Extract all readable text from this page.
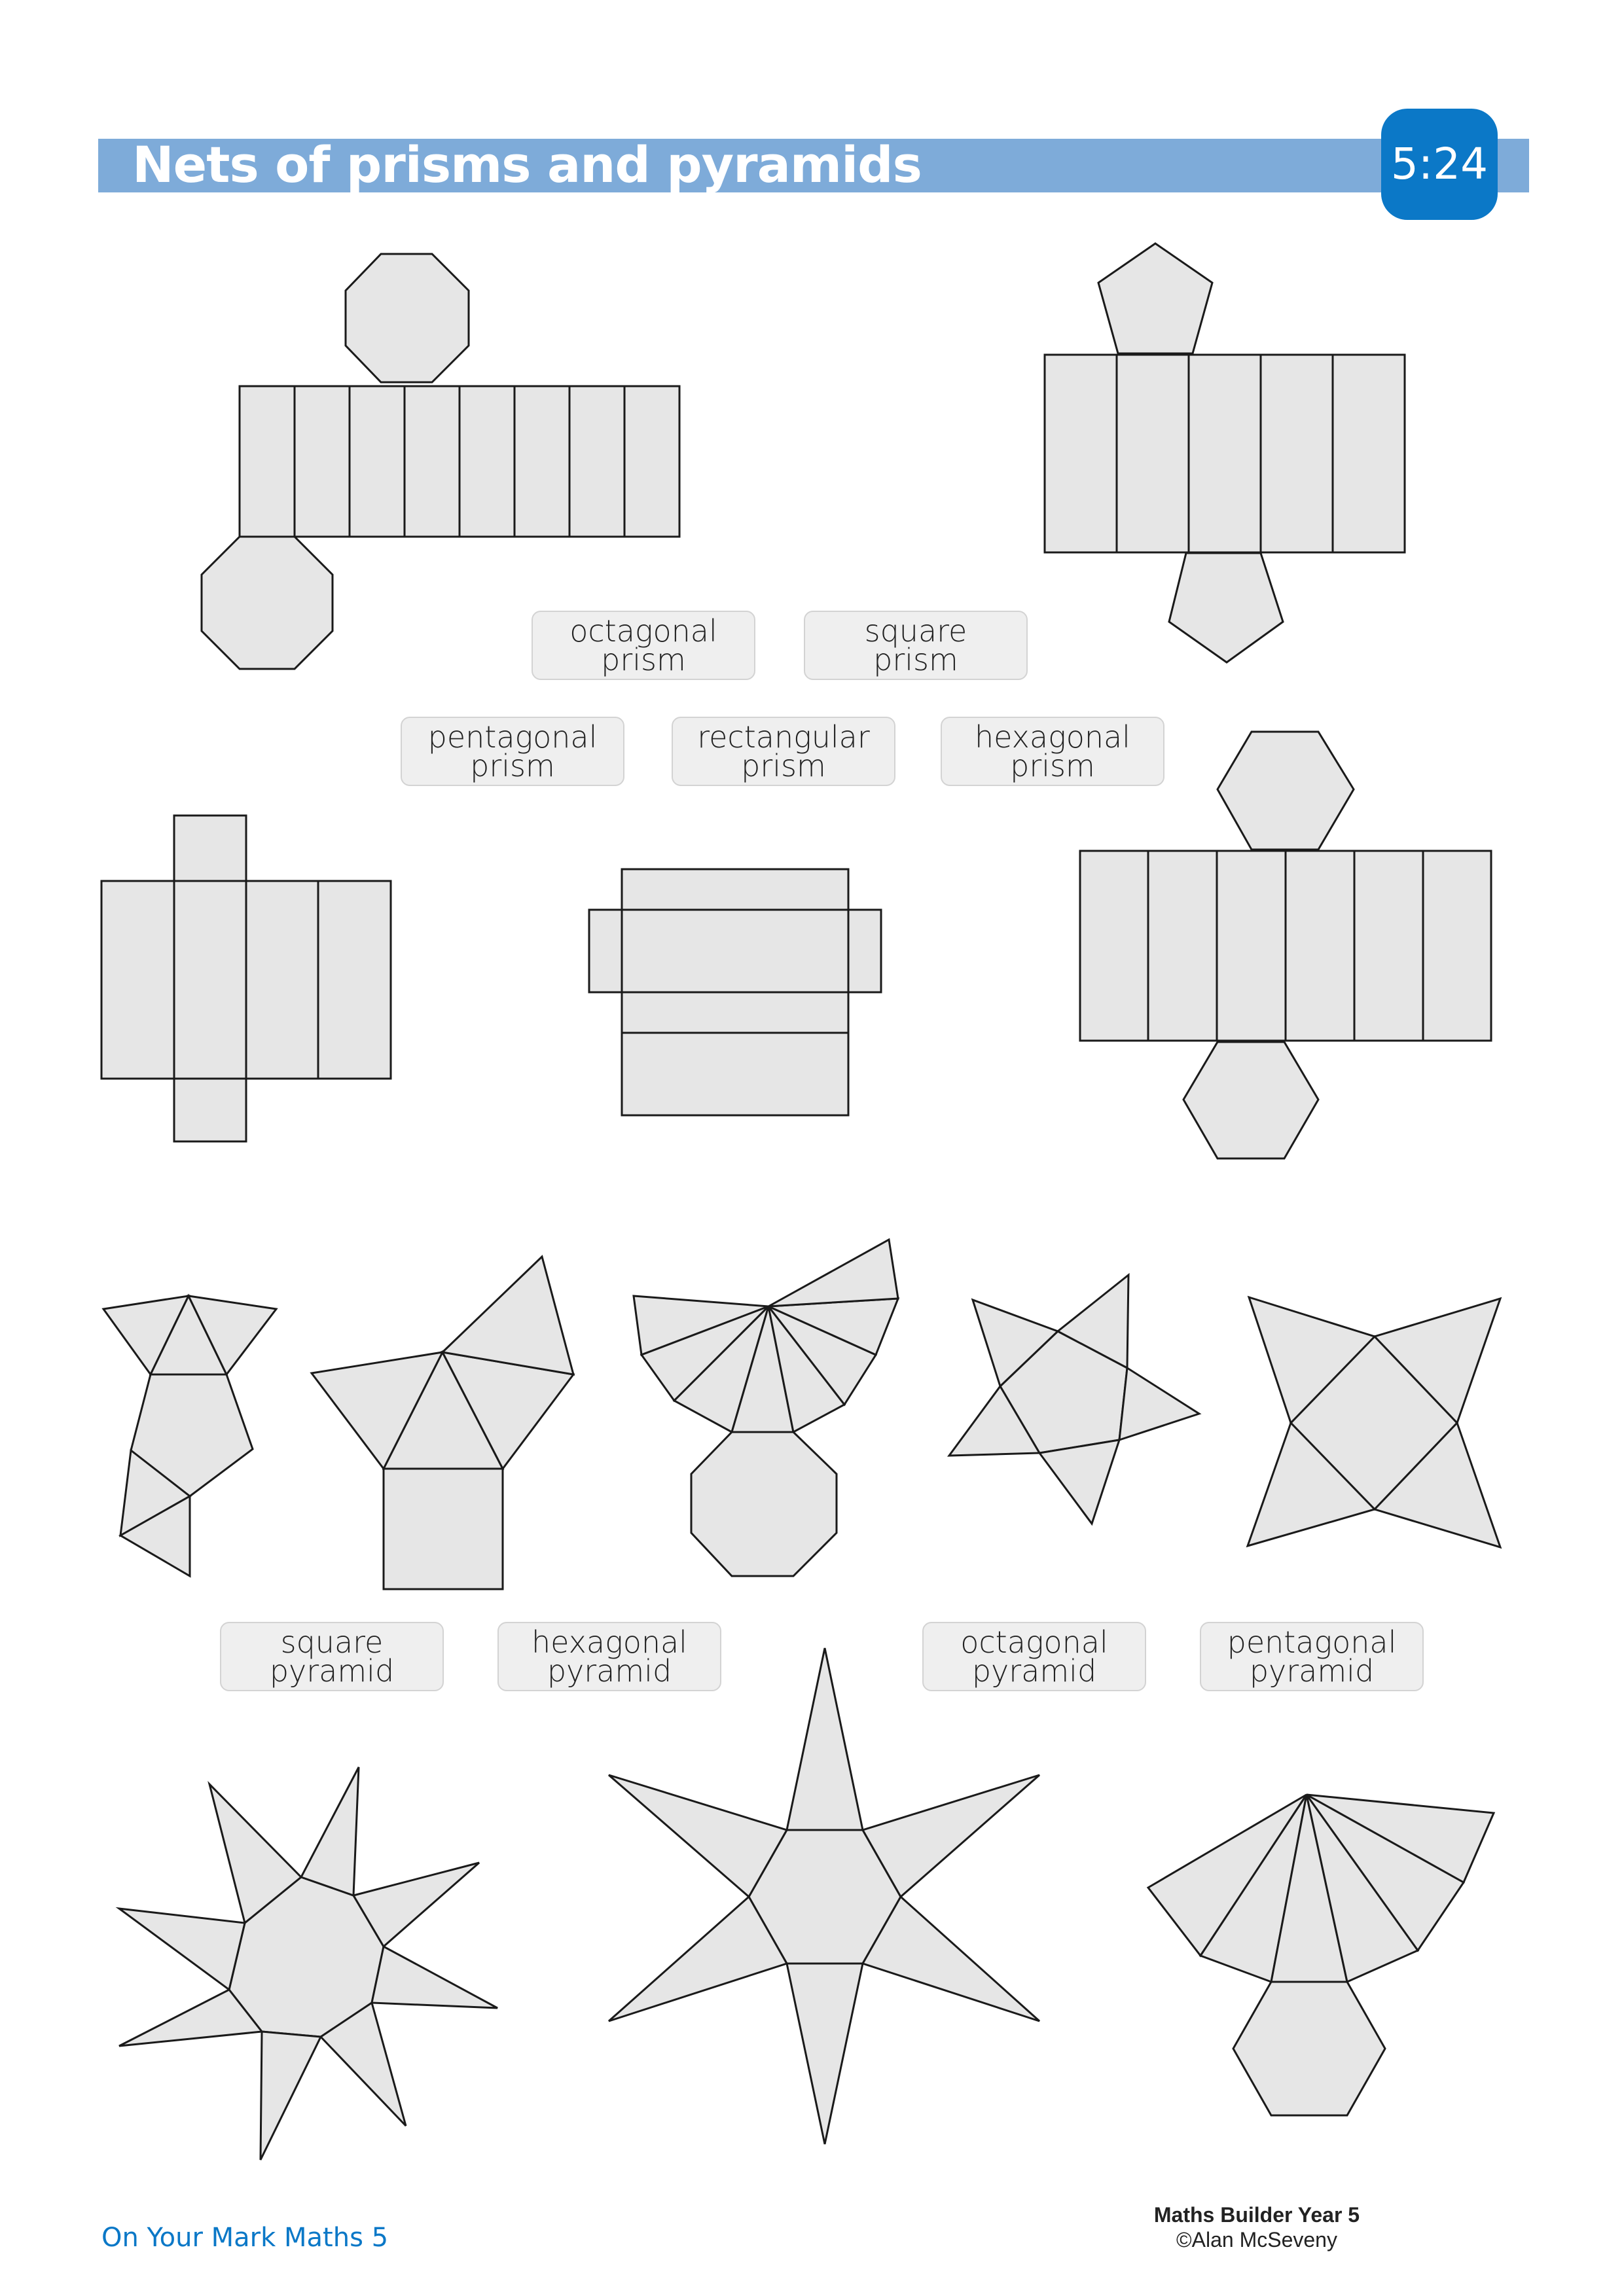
Nets of prisms and pyramids	5:24
octagonal
prism
square
prism
pentagonal
prism
rectangular
prism
hexagonal
prism
square
pyramid
hexagonal
pyramid
octagonal
pyramid
pentagonal
pyramid
On Your Mark Maths 5
Maths Builder Year 5
©Alan McSeveny
